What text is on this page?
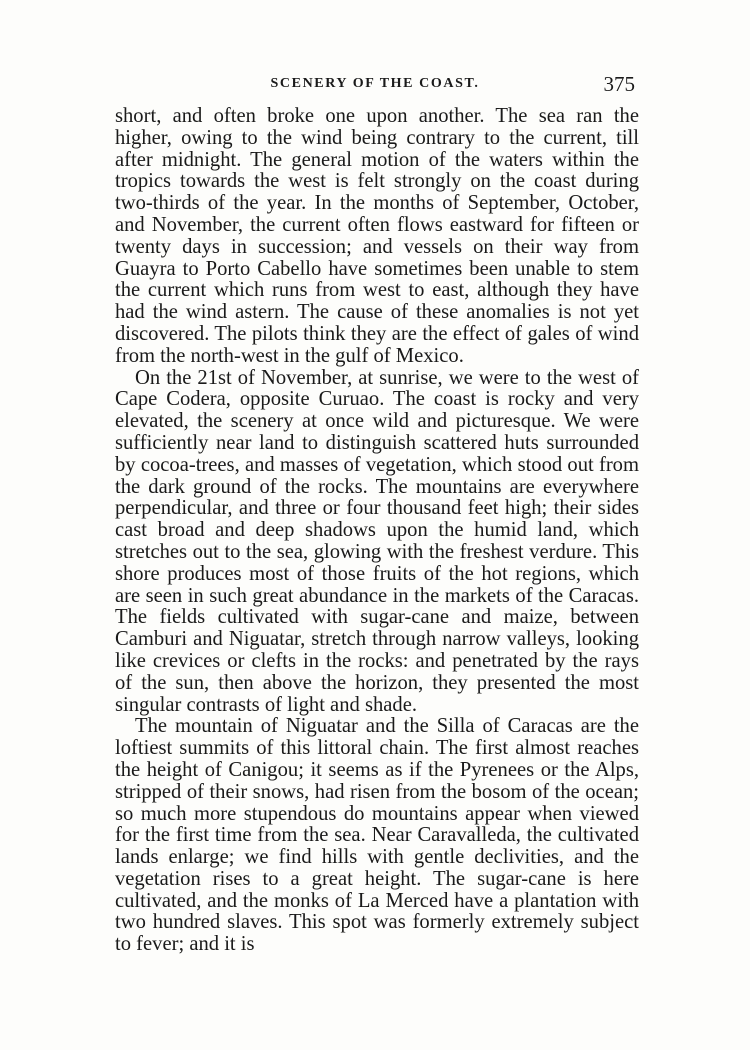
SCENERY OF THE COAST.	375

short, and often broke one upon another. The sea ran the higher, owing to the wind being contrary to the current, till after midnight. The general motion of the waters within the tropics towards the west is felt strongly on the coast during two-thirds of the year. In the months of September, October, and November, the current often flows eastward for fifteen or twenty days in succession; and vessels on their way from Guayra to Porto Cabello have sometimes been unable to stem the current which runs from west to east, although they have had the wind astern. The cause of these anomalies is not yet discovered. The pilots think they are the effect of gales of wind from the north-west in the gulf of Mexico.

On the 21st of November, at sunrise, we were to the west of Cape Codera, opposite Curuao. The coast is rocky and very elevated, the scenery at once wild and picturesque. We were sufficiently near land to distinguish scattered huts surrounded by cocoa-trees, and masses of vegetation, which stood out from the dark ground of the rocks. The mountains are everywhere perpendicular, and three or four thousand feet high; their sides cast broad and deep shadows upon the humid land, which stretches out to the sea, glowing with the freshest verdure. This shore produces most of those fruits of the hot regions, which are seen in such great abundance in the markets of the Caracas. The fields cultivated with sugar-cane and maize, between Camburi and Niguatar, stretch through narrow valleys, looking like crevices or clefts in the rocks: and penetrated by the rays of the sun, then above the horizon, they presented the most singular contrasts of light and shade.

The mountain of Niguatar and the Silla of Caracas are the loftiest summits of this littoral chain. The first almost reaches the height of Canigou; it seems as if the Pyrenees or the Alps, stripped of their snows, had risen from the bosom of the ocean; so much more stupendous do mountains appear when viewed for the first time from the sea. Near Caravalleda, the cultivated lands enlarge; we find hills with gentle declivities, and the vegetation rises to a great height. The sugar-cane is here cultivated, and the monks of La Merced have a plantation with two hundred slaves. This spot was formerly extremely subject to fever; and it is
